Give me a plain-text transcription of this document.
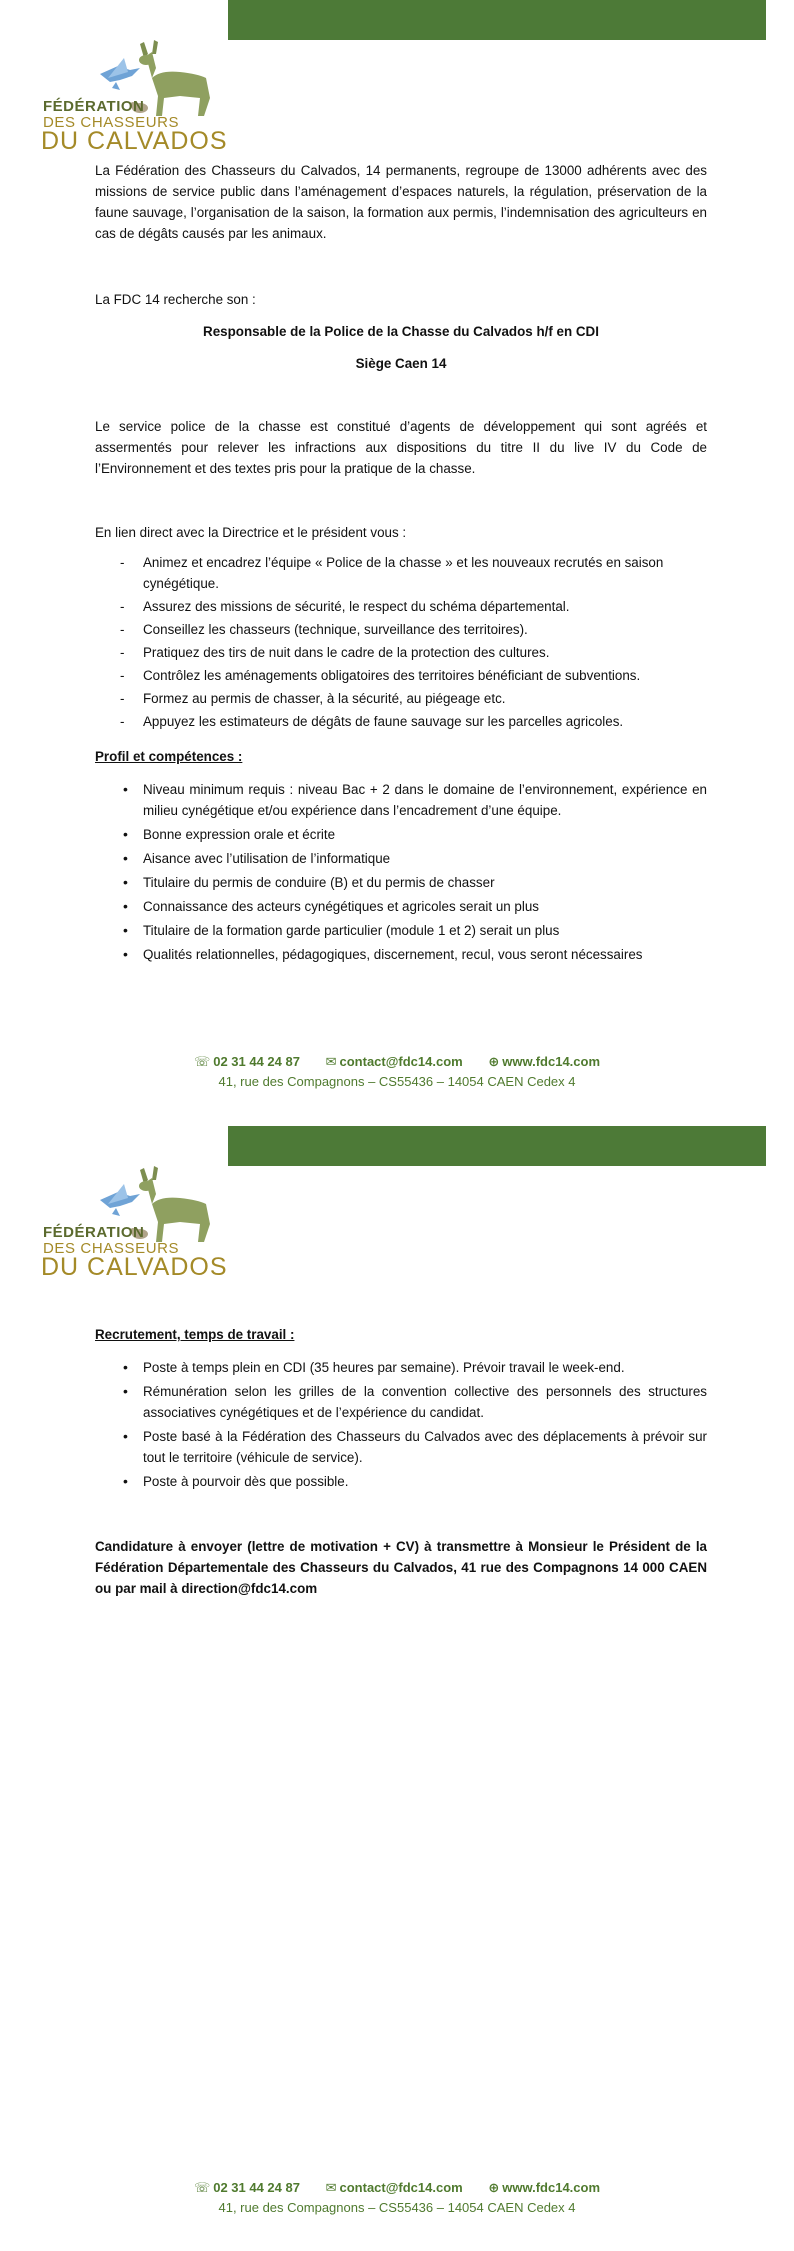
FÉDÉRATION
DES CHASSEURS
DU CALVADOS

La Fédération des Chasseurs du Calvados, 14 permanents, regroupe de 13000 adhérents avec des missions de service public dans l’aménagement d’espaces naturels, la régulation, préservation de la faune sauvage, l’organisation de la saison, la formation aux permis, l’indemnisation des agriculteurs en cas de dégâts causés par les animaux.

La FDC 14 recherche son :

Responsable de la Police de la Chasse du Calvados h/f en CDI

Siège Caen 14

Le service police de la chasse est constitué d’agents de développement qui sont agréés et assermentés pour relever les infractions aux dispositions du titre II du live IV du Code de l’Environnement et des textes pris pour la pratique de la chasse.

En lien direct avec la Directrice et le président vous :

- Animez et encadrez l’équipe « Police de la chasse » et les nouveaux recrutés en saison cynégétique.
- Assurez des missions de sécurité, le respect du schéma départemental.
- Conseillez les chasseurs (technique, surveillance des territoires).
- Pratiquez des tirs de nuit dans le cadre de la protection des cultures.
- Contrôlez les aménagements obligatoires des territoires bénéficiant de subventions.
- Formez au permis de chasser, à la sécurité, au piégeage etc.
- Appuyez les estimateurs de dégâts de faune sauvage sur les parcelles agricoles.

Profil et compétences :

• Niveau minimum requis : niveau Bac + 2 dans le domaine de l’environnement, expérience en milieu cynégétique et/ou expérience dans l’encadrement d’une équipe.
• Bonne expression orale et écrite
• Aisance avec l’utilisation de l’informatique
• Titulaire du permis de conduire (B) et du permis de chasser
• Connaissance des acteurs cynégétiques et agricoles serait un plus
• Titulaire de la formation garde particulier (module 1 et 2) serait un plus
• Qualités relationnelles, pédagogiques, discernement, recul, vous seront nécessaires
☏ 02 31 44 24 87 ✉ contact@fdc14.com ⊕ www.fdc14.com
41, rue des Compagnons – CS55436 – 14054 CAEN Cedex 4
FÉDÉRATION
DES CHASSEURS
DU CALVADOS

Recrutement, temps de travail :

• Poste à temps plein en CDI (35 heures par semaine). Prévoir travail le week-end.
• Rémunération selon les grilles de la convention collective des personnels des structures associatives cynégétiques et de l’expérience du candidat.
• Poste basé à la Fédération des Chasseurs du Calvados avec des déplacements à prévoir sur tout le territoire (véhicule de service).
• Poste à pourvoir dès que possible.

Candidature à envoyer (lettre de motivation + CV) à transmettre à Monsieur le Président de la Fédération Départementale des Chasseurs du Calvados, 41 rue des Compagnons 14 000 CAEN ou par mail à direction@fdc14.com

☏ 02 31 44 24 87 ✉ contact@fdc14.com ⊕ www.fdc14.com
41, rue des Compagnons – CS55436 – 14054 CAEN Cedex 4
